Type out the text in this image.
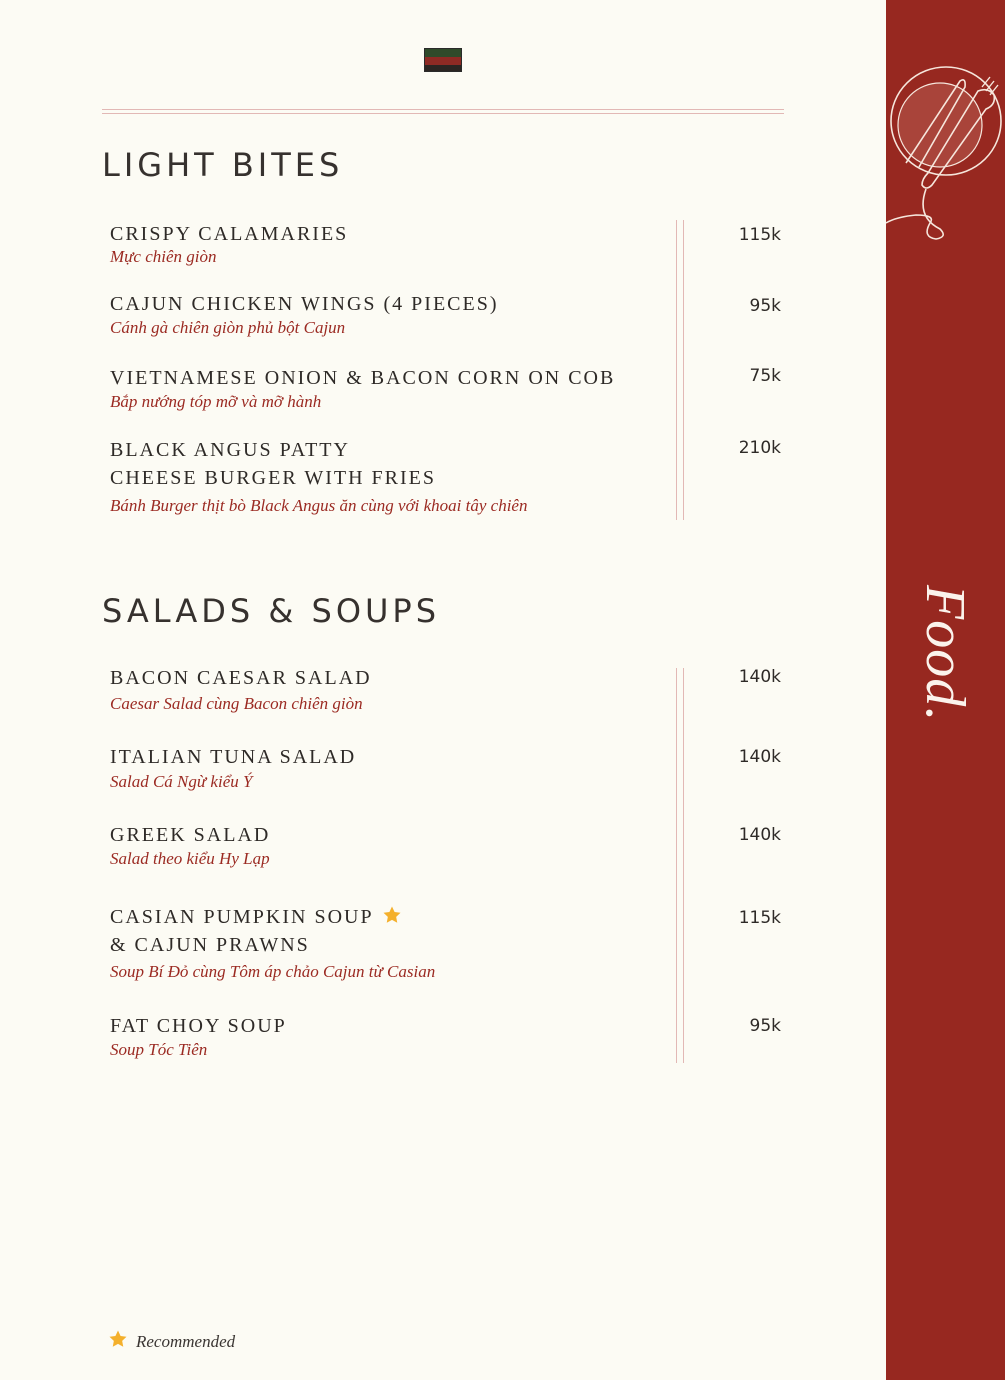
LIGHT BITES
CRISPY CALAMARIES
Mực chiên giòn
115k
CAJUN CHICKEN WINGS (4 PIECES)
Cánh gà chiên giòn phủ bột Cajun
95k
VIETNAMESE ONION & BACON CORN ON COB
Bắp nướng tóp mỡ và mỡ hành
75k
BLACK ANGUS PATTY
CHEESE BURGER WITH FRIES
Bánh Burger thịt bò Black Angus ăn cùng với khoai tây chiên
210k
SALADS & SOUPS
BACON CAESAR SALAD
Caesar Salad cùng Bacon chiên giòn
140k
ITALIAN TUNA SALAD
Salad Cá Ngừ kiểu Ý
140k
GREEK SALAD
Salad theo kiểu Hy Lạp
140k
CASIAN PUMPKIN SOUP
& CAJUN PRAWNS
Soup Bí Đỏ cùng Tôm áp chảo Cajun từ Casian
115k
FAT CHOY SOUP
Soup Tóc Tiên
95k
Recommended
Food.
